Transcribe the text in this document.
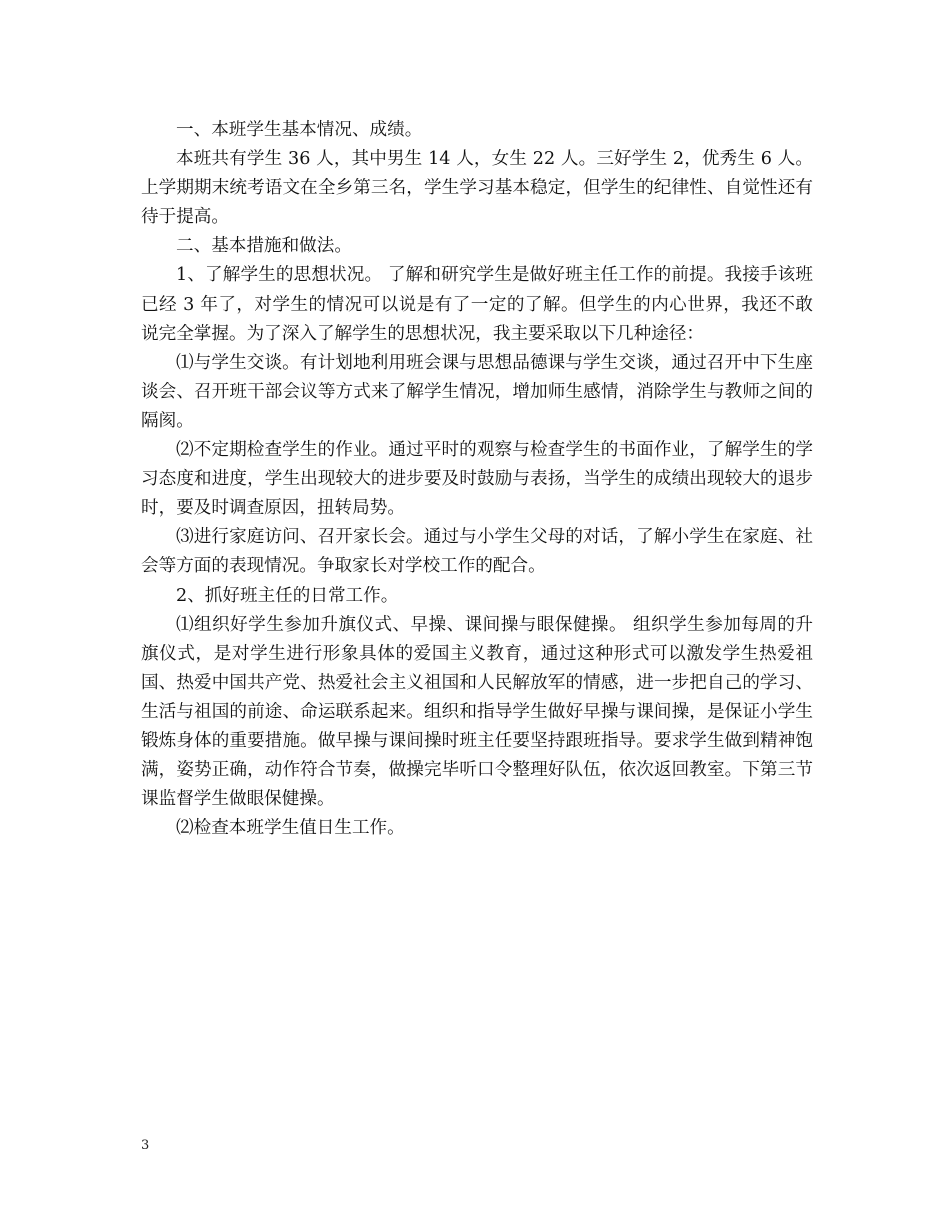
一、本班学生基本情况、成绩。

本班共有学生 36 人，其中男生 14 人，女生 22 人。三好学生 2，优秀生 6 人。上学期期末统考语文在全乡第三名，学生学习基本稳定，但学生的纪律性、自觉性还有待于提高。

二、基本措施和做法。

1、了解学生的思想状况。 了解和研究学生是做好班主任工作的前提。我接手该班已经 3 年了，对学生的情况可以说是有了一定的了解。但学生的内心世界，我还不敢说完全掌握。为了深入了解学生的思想状况，我主要采取以下几种途径：

⑴与学生交谈。有计划地利用班会课与思想品德课与学生交谈，通过召开中下生座谈会、召开班干部会议等方式来了解学生情况，增加师生感情，消除学生与教师之间的隔阂。

⑵不定期检查学生的作业。通过平时的观察与检查学生的书面作业，了解学生的学习态度和进度，学生出现较大的进步要及时鼓励与表扬，当学生的成绩出现较大的退步时，要及时调查原因，扭转局势。

⑶进行家庭访问、召开家长会。通过与小学生父母的对话，了解小学生在家庭、社会等方面的表现情况。争取家长对学校工作的配合。

2、抓好班主任的日常工作。

⑴组织好学生参加升旗仪式、早操、课间操与眼保健操。 组织学生参加每周的升旗仪式，是对学生进行形象具体的爱国主义教育，通过这种形式可以激发学生热爱祖国、热爱中国共产党、热爱社会主义祖国和人民解放军的情感，进一步把自己的学习、生活与祖国的前途、命运联系起来。组织和指导学生做好早操与课间操，是保证小学生锻炼身体的重要措施。做早操与课间操时班主任要坚持跟班指导。要求学生做到精神饱满，姿势正确，动作符合节奏，做操完毕听口令整理好队伍，依次返回教室。下第三节课监督学生做眼保健操。

⑵检查本班学生值日生工作。

3
